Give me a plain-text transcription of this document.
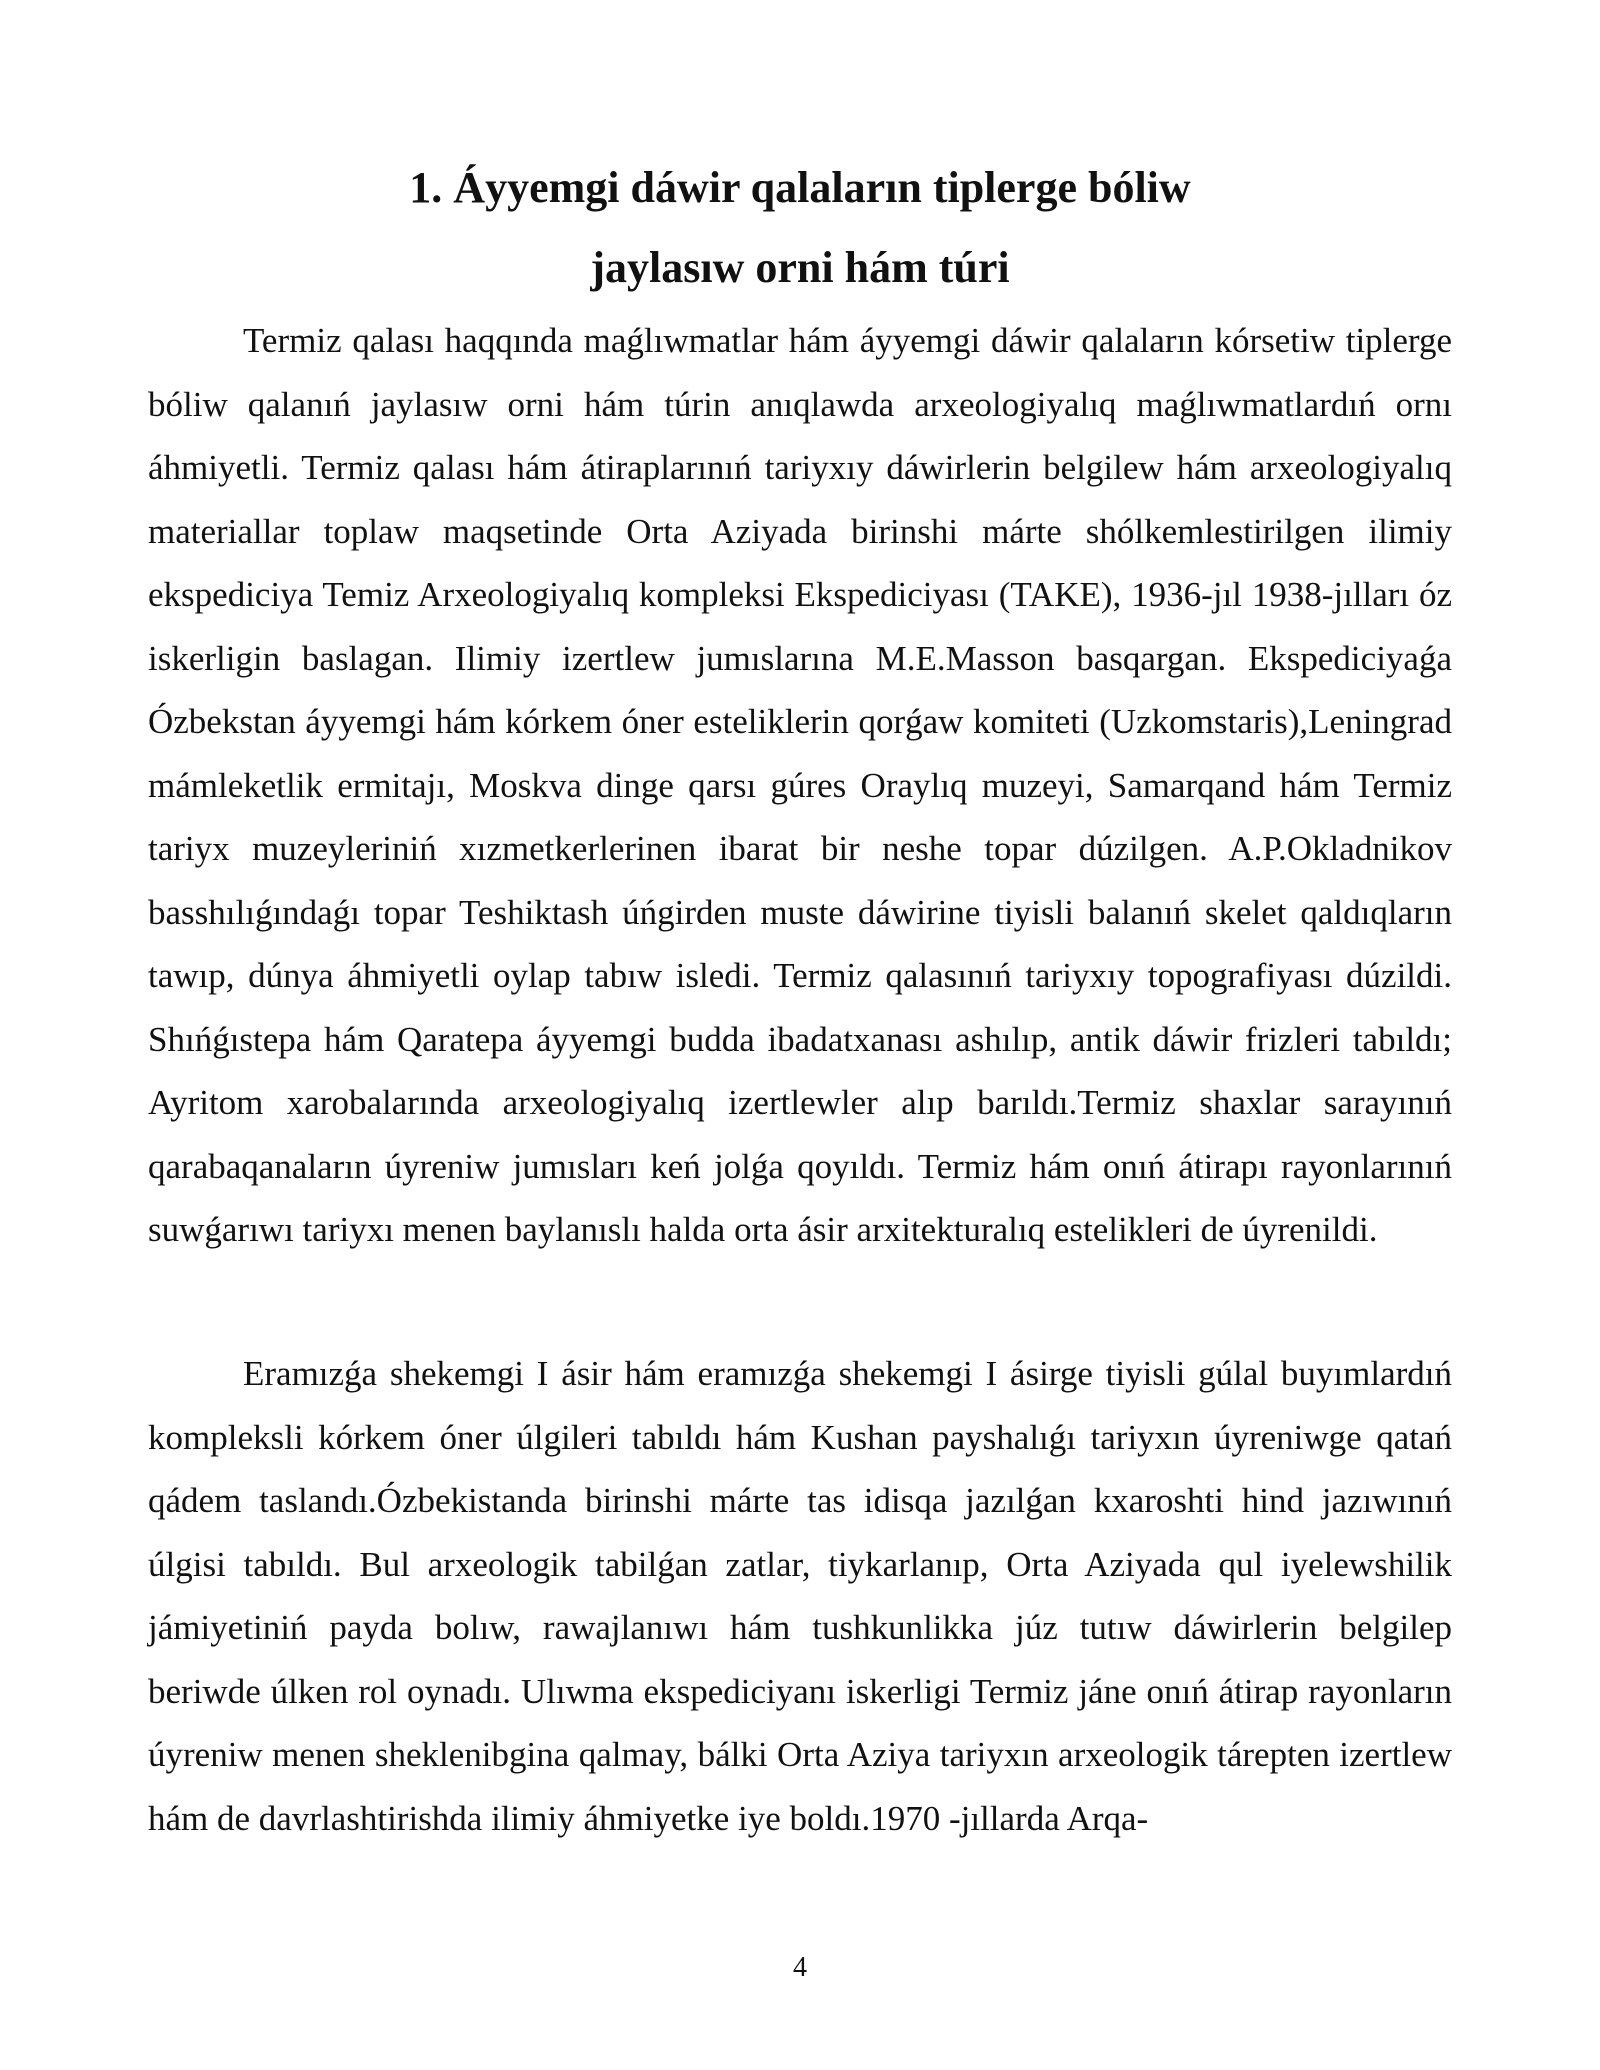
1. Áyyemgi dáwir qalaların tiplerge bóliw
jaylasıw orni hám túri

Termiz qalası haqqında maǵlıwmatlar hám áyyemgi dáwir qalaların kórsetiw tiplerge bóliw qalanıń jaylasıw orni hám túrin anıqlawda arxeologiyalıq maǵlıwmatlardıń ornı áhmiyetli. Termiz qalası hám átiraplarınıń tariyxıy dáwirlerin belgilew hám arxeologiyalıq materiallar toplaw maqsetinde Orta Aziyada birinshi márte shólkemlestirilgen ilimiy ekspediciya Temiz Arxeologiyalıq kompleksi Ekspediciyası (TAKE), 1936-jıl 1938-jılları óz iskerligin baslagan. Ilimiy izertlew jumıslarına M.E.Masson basqargan. Ekspediciyaǵa Ózbekstan áyyemgi hám kórkem óner esteliklerin qorǵaw komiteti (Uzkomstaris),Leningrad mámleketlik ermitajı, Moskva dinge qarsı gúres Oraylıq muzeyi, Samarqand hám Termiz tariyx muzeyleriniń xızmetkerlerinen ibarat bir neshe topar dúzilgen. A.P.Okladnikov basshılıǵındaǵı topar Teshiktash úńgirden muste dáwirine tiyisli balanıń skelet qaldıqların tawıp, dúnya áhmiyetli oylap tabıw isledi. Termiz qalasınıń tariyxıy topografiyası dúzildi. Shıńǵıstepa hám Qaratepa áyyemgi budda ibadatxanası ashılıp, antik dáwir frizleri tabıldı; Ayritom xarobalarında arxeologiyalıq izertlewler alıp barıldı.Termiz shaxlar sarayınıń qarabaqanaların úyreniw jumısları keń jolǵa qoyıldı. Termiz hám onıń átirapı rayonlarınıń suwǵarıwı tariyxı menen baylanıslı halda orta ásir arxitekturalıq estelikleri de úyrenildi.

Eramızǵa shekemgi I ásir hám eramızǵa shekemgi I ásirge tiyisli gúlal buyımlardıń kompleksli kórkem óner úlgileri tabıldı hám Kushan payshalıǵı tariyxın úyreniwge qatań qádem taslandı.Ózbekistanda birinshi márte tas idisqa jazılǵan kxaroshti hind jazıwınıń úlgisi tabıldı. Bul arxeologik tabilǵan zatlar, tiykarlanıp, Orta Aziyada qul iyelewshilik jámiyetiniń payda bolıw, rawajlanıwı hám tushkunlikka júz tutıw dáwirlerin belgilep beriwde úlken rol oynadı. Ulıwma ekspediciyanı iskerligi Termiz jáne onıń átirap rayonların úyreniw menen sheklenibgina qalmay, bálki Orta Aziya tariyxın arxeologik tárepten izertlew hám de davrlashtirishda ilimiy áhmiyetke iye boldı.1970 -jıllarda Arqa-

4
